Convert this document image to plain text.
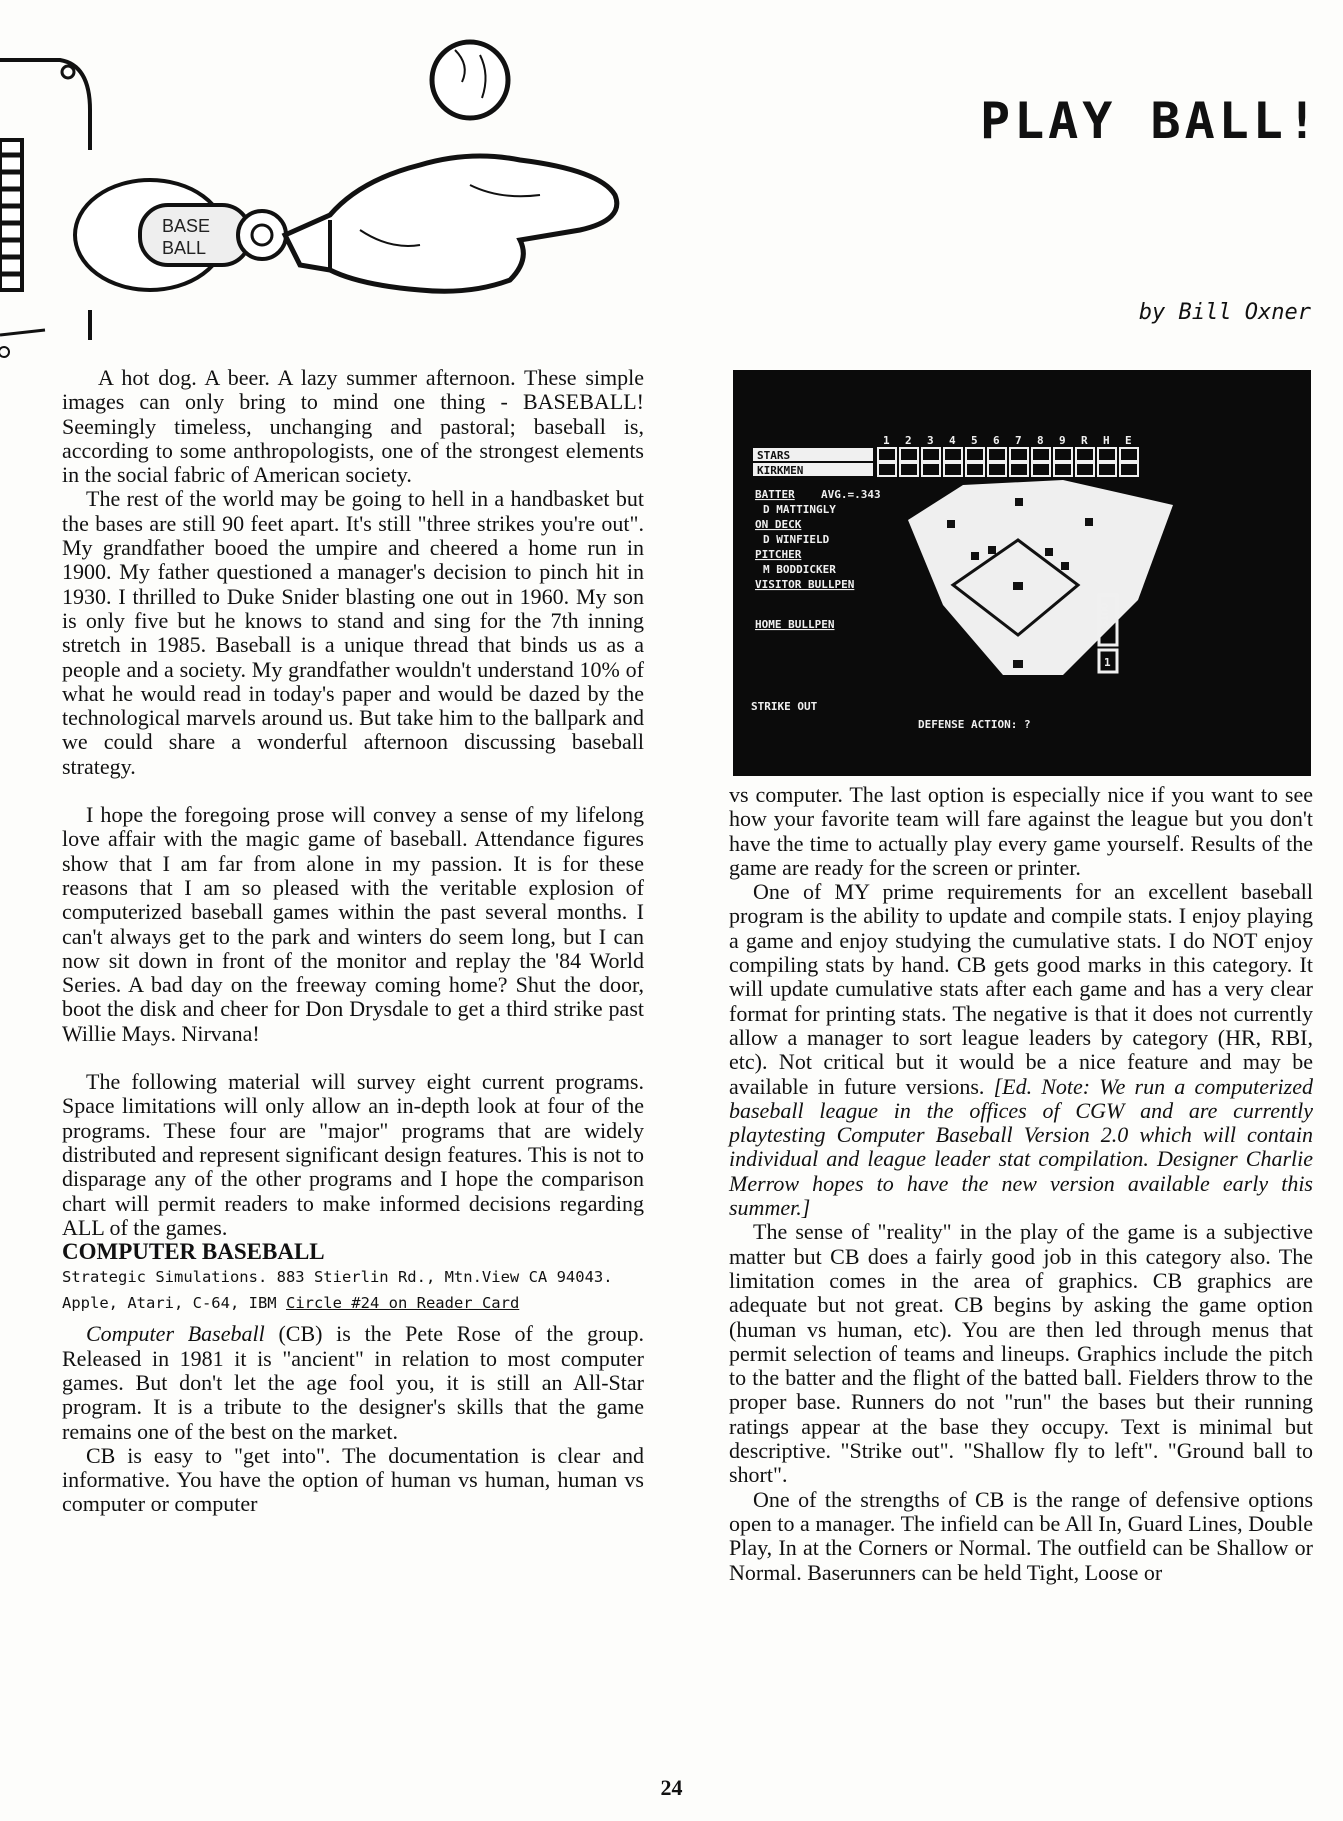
PLAY BALL!
by Bill Oxner
BASE
BALL

A hot dog. A beer. A lazy summer afternoon. These simple images can only bring to mind one thing - BASEBALL! Seemingly timeless, unchanging and pastoral; baseball is, according to some anthropologists, one of the strongest elements in the social fabric of American society.

The rest of the world may be going to hell in a handbasket but the bases are still 90 feet apart. It's still "three strikes you're out". My grandfather booed the umpire and cheered a home run in 1900. My father questioned a manager's decision to pinch hit in 1930. I thrilled to Duke Snider blasting one out in 1960. My son is only five but he knows to stand and sing for the 7th inning stretch in 1985. Baseball is a unique thread that binds us as a people and a society. My grandfather wouldn't understand 10% of what he would read in today's paper and would be dazed by the technological marvels around us. But take him to the ballpark and we could share a wonderful afternoon discussing baseball strategy.

I hope the foregoing prose will convey a sense of my lifelong love affair with the magic game of baseball. Attendance figures show that I am far from alone in my passion. It is for these reasons that I am so pleased with the veritable explosion of computerized baseball games within the past several months. I can't always get to the park and winters do seem long, but I can now sit down in front of the monitor and replay the '84 World Series. A bad day on the freeway coming home? Shut the door, boot the disk and cheer for Don Drysdale to get a third strike past Willie Mays. Nirvana!

The following material will survey eight current programs. Space limitations will only allow an in-depth look at four of the programs. These four are "major" programs that are widely distributed and represent significant design features. This is not to disparage any of the other programs and I hope the comparison chart will permit readers to make informed decisions regarding ALL of the games.

COMPUTER BASEBALL

Strategic Simulations. 883 Stierlin Rd., Mtn.View CA 94043. Apple, Atari, C-64, IBM Circle #24 on Reader Card

Computer Baseball (CB) is the Pete Rose of the group. Released in 1981 it is "ancient" in relation to most computer games. But don't let the age fool you, it is still an All-Star program. It is a tribute to the designer's skills that the game remains one of the best on the market.

CB is easy to "get into". The documentation is clear and informative. You have the option of human vs human, human vs computer or computer

1 2 3 4 5 6 7 8 9 R H E
STARS
KIRKMEN
BATTER AVG.=.343
D MATTINGLY
ON DECK
D WINFIELD
PITCHER
M BODDICKER
VISITOR BULLPEN
HOME BULLPEN
STRIKE OUT
DEFENSE ACTION: ?
OUTS
1

vs computer. The last option is especially nice if you want to see how your favorite team will fare against the league but you don't have the time to actually play every game yourself. Results of the game are ready for the screen or printer.

One of MY prime requirements for an excellent baseball program is the ability to update and compile stats. I enjoy playing a game and enjoy studying the cumulative stats. I do NOT enjoy compiling stats by hand. CB gets good marks in this category. It will update cumulative stats after each game and has a very clear format for printing stats. The negative is that it does not currently allow a manager to sort league leaders by category (HR, RBI, etc). Not critical but it would be a nice feature and may be available in future versions. [Ed. Note: We run a computerized baseball league in the offices of CGW and are currently playtesting Computer Baseball Version 2.0 which will contain individual and league leader stat compilation. Designer Charlie Merrow hopes to have the new version available early this summer.]

The sense of "reality" in the play of the game is a subjective matter but CB does a fairly good job in this category also. The limitation comes in the area of graphics. CB graphics are adequate but not great. CB begins by asking the game option (human vs human, etc). You are then led through menus that permit selection of teams and lineups. Graphics include the pitch to the batter and the flight of the batted ball. Fielders throw to the proper base. Runners do not "run" the bases but their running ratings appear at the base they occupy. Text is minimal but descriptive. "Strike out". "Shallow fly to left". "Ground ball to short".

One of the strengths of CB is the range of defensive options open to a manager. The infield can be All In, Guard Lines, Double Play, In at the Corners or Normal. The outfield can be Shallow or Normal. Baserunners can be held Tight, Loose or

24
